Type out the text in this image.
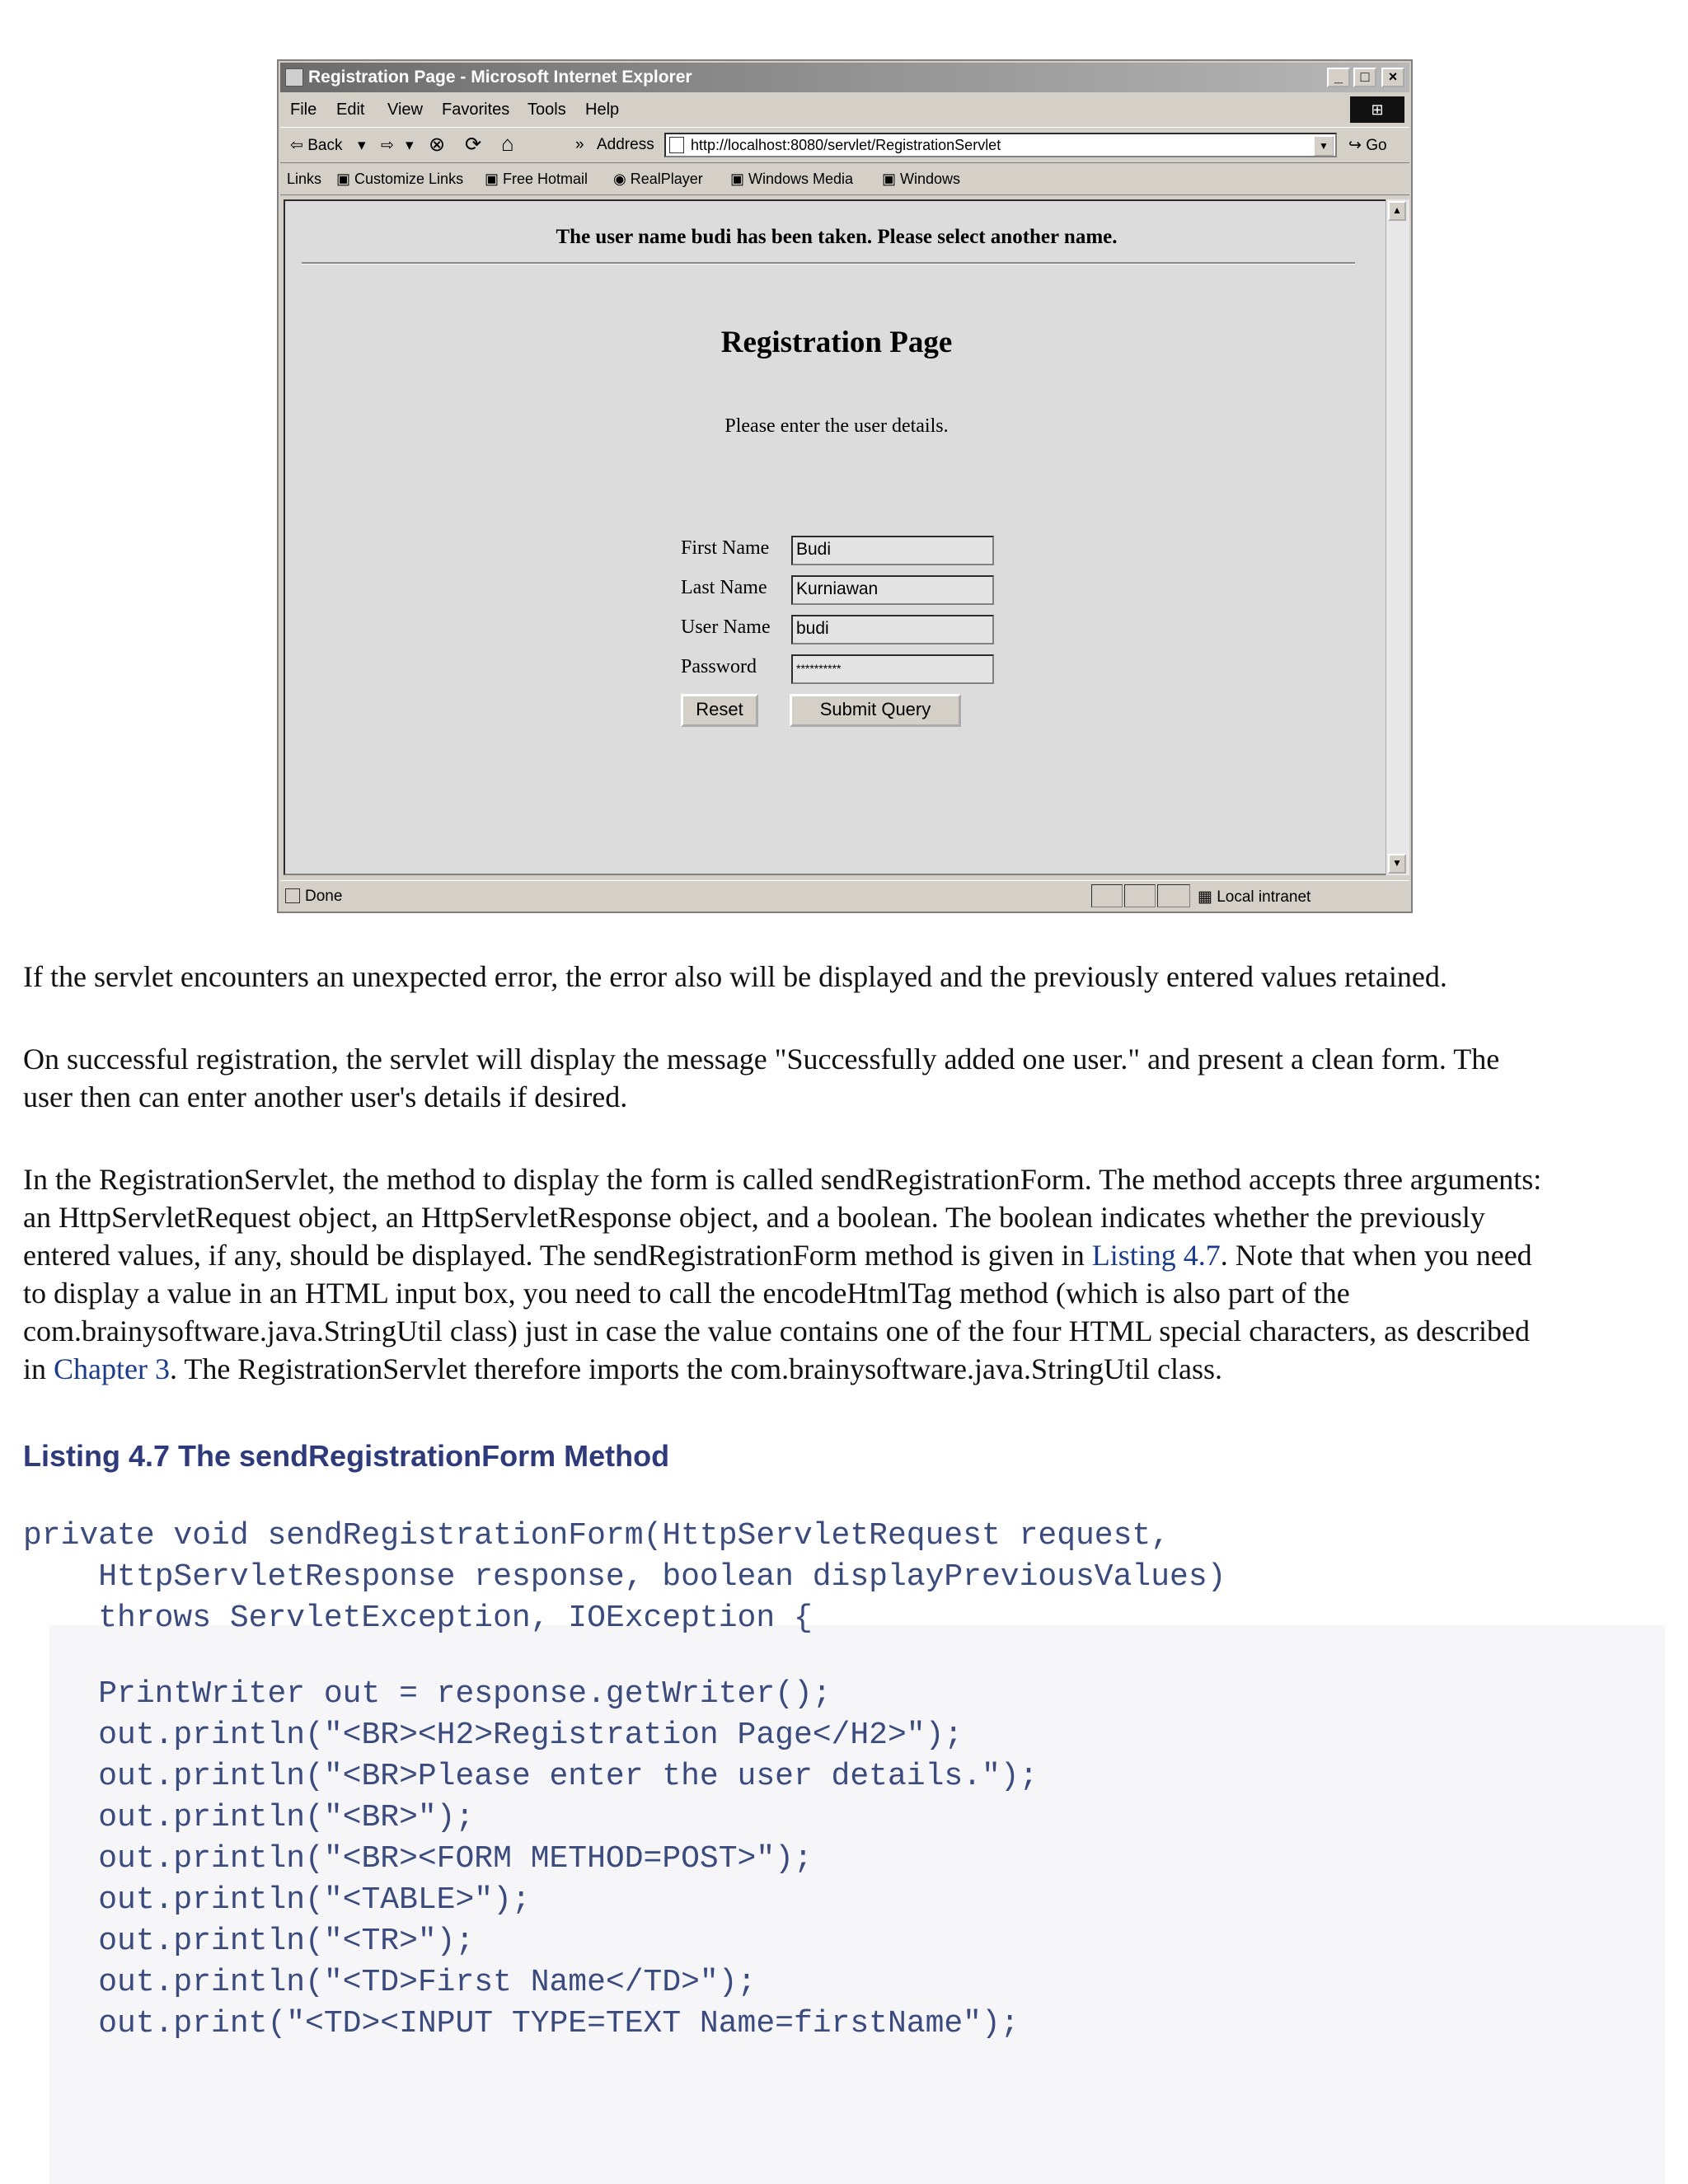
Registration Page - Microsoft Internet Explorer	_	□	×
File Edit View Favorites Tools Help	⊞
⇦ Back ▾ ⇨ ▾ ⊗ ⟳ ⌂	» Address	http://localhost:8080/servlet/RegistrationServlet	▼	↪ Go
Links ▣ Customize Links ▣ Free Hotmail ◉ RealPlayer ▣ Windows Media ▣ Windows
The user name budi has been taken. Please select another name.
Registration Page
Please enter the user details.
First Name Budi
Last Name Kurniawan
User Name budi
Password	**********
Reset	Submit Query
▲
▼
Done	▦ Local intranet
If the servlet encounters an unexpected error, the error also will be displayed and the previously entered values retained.
On successful registration, the servlet will display the message "Successfully added one user." and present a clean form. The
user then can enter another user's details if desired.
In the RegistrationServlet, the method to display the form is called sendRegistrationForm. The method accepts three arguments:
an HttpServletRequest object, an HttpServletResponse object, and a boolean. The boolean indicates whether the previously
entered values, if any, should be displayed. The sendRegistrationForm method is given in Listing 4.7. Note that when you need
to display a value in an HTML input box, you need to call the encodeHtmlTag method (which is also part of the
com.brainysoftware.java.StringUtil class) just in case the value contains one of the four HTML special characters, as described
in Chapter 3. The RegistrationServlet therefore imports the com.brainysoftware.java.StringUtil class.
Listing 4.7 The sendRegistrationForm Method
private void sendRegistrationForm(HttpServletRequest request,
HttpServletResponse response, boolean displayPreviousValues)
throws ServletException, IOException {
PrintWriter out = response.getWriter();
out.println("<BR><H2>Registration Page</H2>");
out.println("<BR>Please enter the user details.");
out.println("<BR>");
out.println("<BR><FORM METHOD=POST>");
out.println("<TABLE>");
out.println("<TR>");
out.println("<TD>First Name</TD>");
out.print("<TD><INPUT TYPE=TEXT Name=firstName");
